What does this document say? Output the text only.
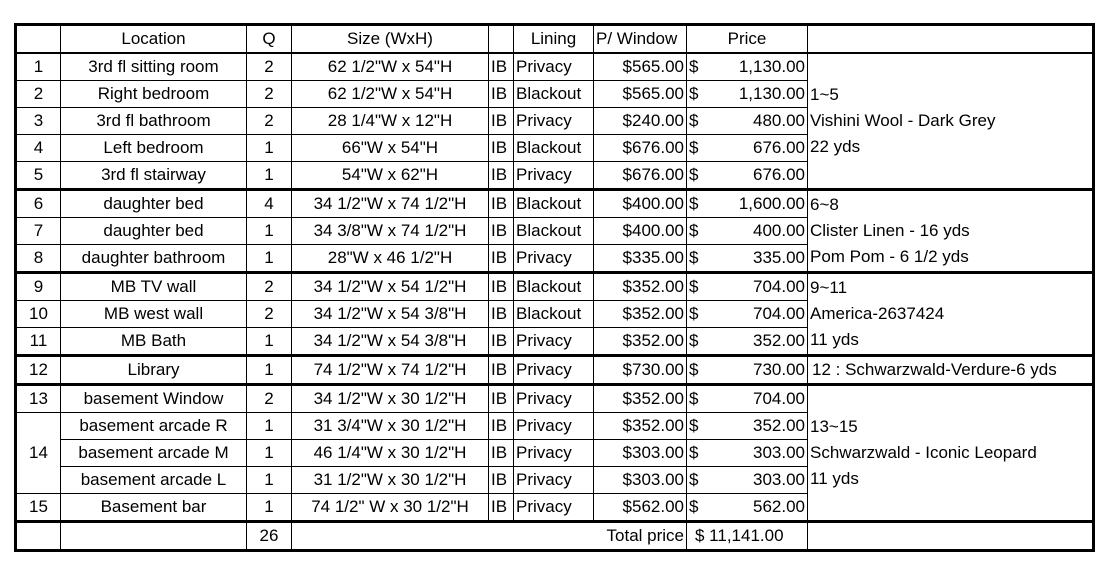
	Location	Q	Size (WxH)		Lining	P/ Window	Price	
1	3rd fl sitting room	2	62 1/2"W x 54"H	IB	Privacy	$565.00	$ 1,130.00	1~5
Vishini Wool - Dark Grey
22 yds

2	Right bedroom	2	62 1/2"W x 54"H	IB	Blackout	$565.00	$ 1,130.00	

3	3rd fl bathroom	2	28 1/4"W x 12"H	IB	Privacy	$240.00	$ 480.00	

4	Left bedroom	1	66"W x 54"H	IB	Blackout	$676.00	$ 676.00	

5	3rd fl stairway	1	54"W x 62"H	IB	Privacy	$676.00	$ 676.00	

6	daughter bed	4	34 1/2"W x 74 1/2"H	IB	Blackout	$400.00	$ 1,600.00	6~8
Clister Linen - 16 yds
Pom Pom - 6 1/2 yds

7	daughter bed	1	34 3/8"W x 74 1/2"H	IB	Blackout	$400.00	$ 400.00	

8	daughter bathroom	1	28"W x 46 1/2"H	IB	Privacy	$335.00	$ 335.00	

9	MB TV wall	2	34 1/2"W x 54 1/2"H	IB	Blackout	$352.00	$ 704.00	9~11
America-2637424
11 yds

10	MB west wall	2	34 1/2"W x 54 3/8"H	IB	Blackout	$352.00	$ 704.00	

11	MB Bath	1	34 1/2"W x 54 3/8"H	IB	Privacy	$352.00	$ 352.00	

12	Library	1	74 1/2"W x 74 1/2"H	IB	Privacy	$730.00	$ 730.00	12 : Schwarzwald-Verdure-6 yds
13	basement Window	2	34 1/2"W x 30 1/2"H	IB	Privacy	$352.00	$ 704.00	13~15
Schwarzwald - Iconic Leopard
11 yds

14	basement arcade R	1	31 3/4"W x 30 1/2"H	IB	Privacy	$352.00	$ 352.00	

	basement arcade M	1	46 1/4"W x 30 1/2"H	IB	Privacy	$303.00	$ 303.00	

	basement arcade L	1	31 1/2"W x 30 1/2"H	IB	Privacy	$303.00	$ 303.00	

15	Basement bar	1	74 1/2" W x 30 1/2"H	IB	Privacy	$562.00	$ 562.00	

		26	Total price				$ 11,141.00	
